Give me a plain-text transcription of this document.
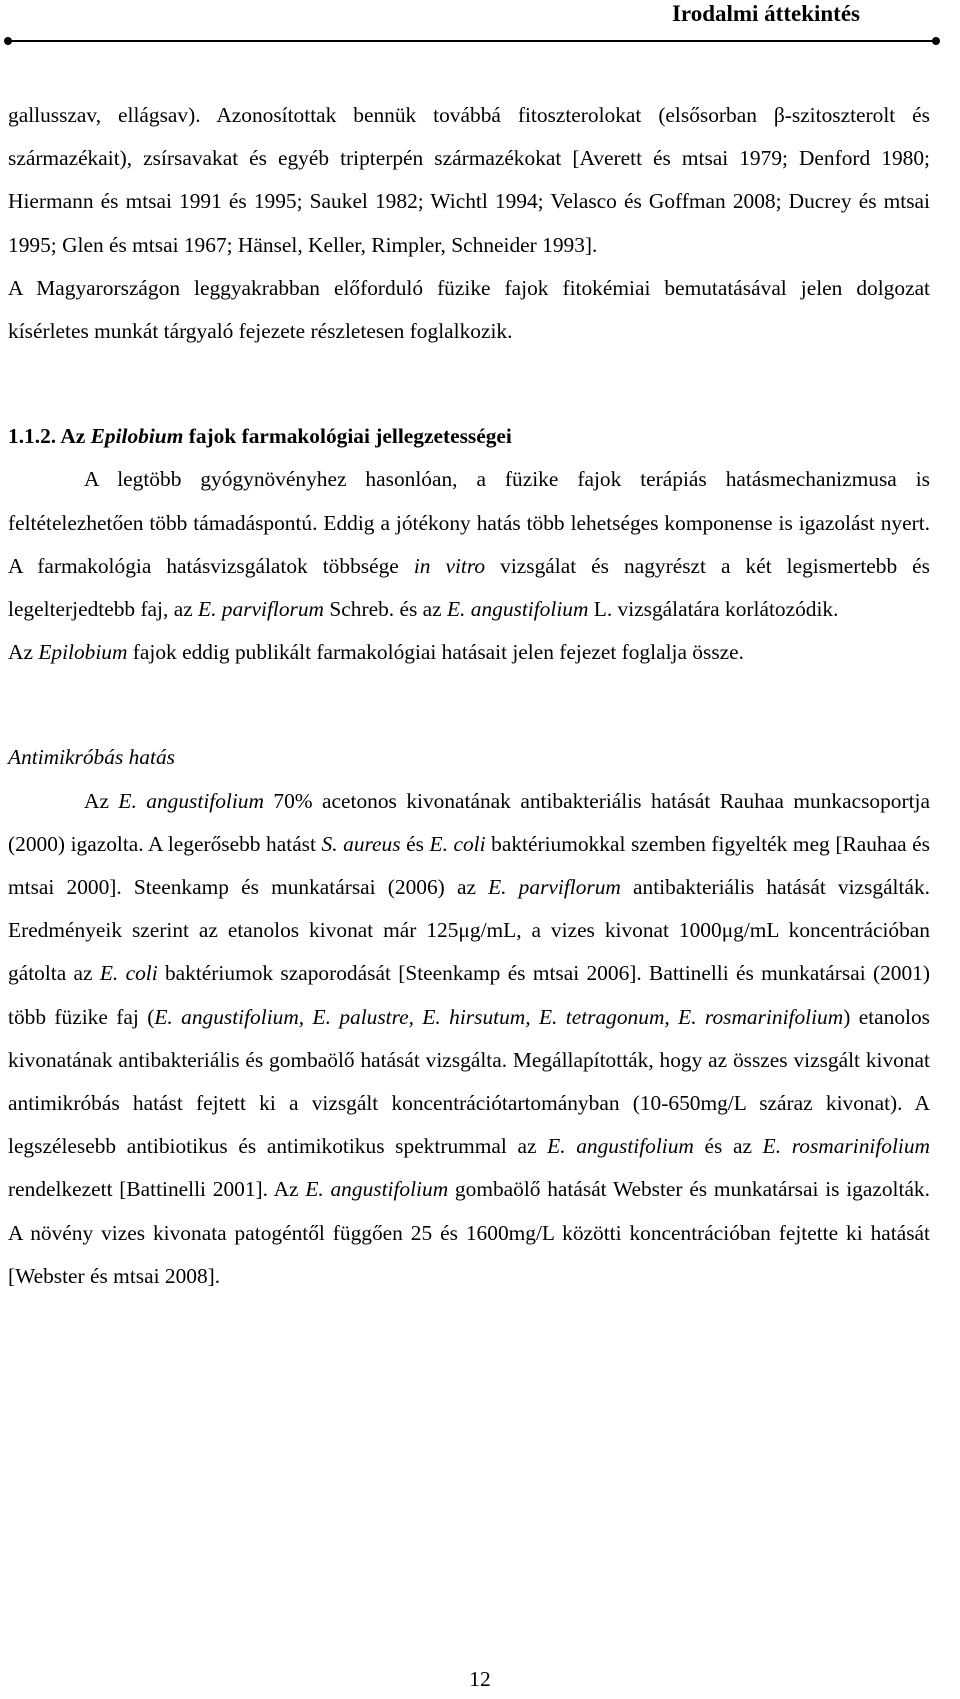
Irodalmi áttekintés

gallusszav, ellágsav). Azonosítottak bennük továbbá fitoszterolokat (elsősorban β-szitoszterolt és származékait), zsírsavakat és egyéb tripterpén származékokat [Averett és mtsai 1979; Denford 1980; Hiermann és mtsai 1991 és 1995; Saukel 1982; Wichtl 1994; Velasco és Goffman 2008; Ducrey és mtsai 1995; Glen és mtsai 1967; Hänsel, Keller, Rimpler, Schneider 1993].

A Magyarországon leggyakrabban előforduló füzike fajok fitokémiai bemutatásával jelen dolgozat kísérletes munkát tárgyaló fejezete részletesen foglalkozik.

1.1.2. Az Epilobium fajok farmakológiai jellegzetességei

A legtöbb gyógynövényhez hasonlóan, a füzike fajok terápiás hatásmechanizmusa is feltételezhetően több támadáspontú. Eddig a jótékony hatás több lehetséges komponense is igazolást nyert. A farmakológia hatásvizsgálatok többsége in vitro vizsgálat és nagyrészt a két legismertebb és legelterjedtebb faj, az E. parviflorum Schreb. és az E. angustifolium L. vizsgálatára korlátozódik.

Az Epilobium fajok eddig publikált farmakológiai hatásait jelen fejezet foglalja össze.

Antimikróbás hatás

Az E. angustifolium 70% acetonos kivonatának antibakteriális hatását Rauhaa munkacsoportja (2000) igazolta. A legerősebb hatást S. aureus és E. coli baktériumokkal szemben figyelték meg [Rauhaa és mtsai 2000]. Steenkamp és munkatársai (2006) az E. parviflorum antibakteriális hatását vizsgálták. Eredményeik szerint az etanolos kivonat már 125μg/mL, a vizes kivonat 1000μg/mL koncentrációban gátolta az E. coli baktériumok szaporodását [Steenkamp és mtsai 2006]. Battinelli és munkatársai (2001) több füzike faj (E. angustifolium, E. palustre, E. hirsutum, E. tetragonum, E. rosmarinifolium) etanolos kivonatának antibakteriális és gombaölő hatását vizsgálta. Megállapították, hogy az összes vizsgált kivonat antimikróbás hatást fejtett ki a vizsgált koncentrációtartományban (10-650mg/L száraz kivonat). A legszélesebb antibiotikus és antimikotikus spektrummal az E. angustifolium és az E. rosmarinifolium rendelkezett [Battinelli 2001]. Az E. angustifolium gombaölő hatását Webster és munkatársai is igazolták. A növény vizes kivonata patogéntől függően 25 és 1600mg/L közötti koncentrációban fejtette ki hatását [Webster és mtsai 2008].

12
